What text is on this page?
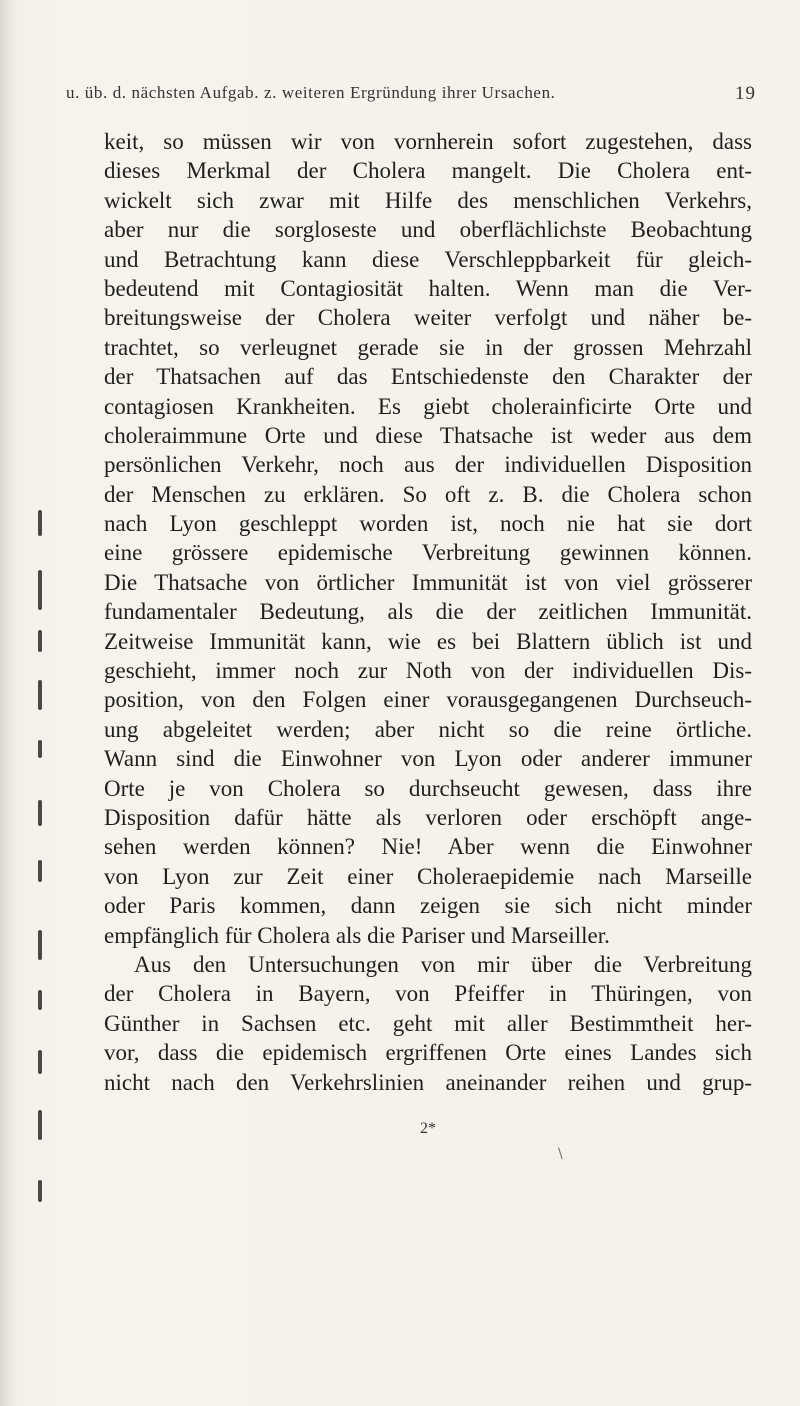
u. üb. d. nächsten Aufgab. z. weiteren Ergründung ihrer Ursachen.	19
keit, so müssen wir von vornherein sofort zugestehen, dass
dieses Merkmal der Cholera mangelt. Die Cholera ent-
wickelt sich zwar mit Hilfe des menschlichen Verkehrs,
aber nur die sorgloseste und oberflächlichste Beobachtung
und Betrachtung kann diese Verschleppbarkeit für gleich-
bedeutend mit Contagiosität halten. Wenn man die Ver-
breitungsweise der Cholera weiter verfolgt und näher be-
trachtet, so verleugnet gerade sie in der grossen Mehrzahl
der Thatsachen auf das Entschiedenste den Charakter der
contagiosen Krankheiten. Es giebt cholerainficirte Orte und
choleraimmune Orte und diese Thatsache ist weder aus dem
persönlichen Verkehr, noch aus der individuellen Disposition
der Menschen zu erklären. So oft z. B. die Cholera schon
nach Lyon geschleppt worden ist, noch nie hat sie dort
eine grössere epidemische Verbreitung gewinnen können.
Die Thatsache von örtlicher Immunität ist von viel grösserer
fundamentaler Bedeutung, als die der zeitlichen Immunität.
Zeitweise Immunität kann, wie es bei Blattern üblich ist und
geschieht, immer noch zur Noth von der individuellen Dis-
position, von den Folgen einer vorausgegangenen Durchseuch-
ung abgeleitet werden; aber nicht so die reine örtliche.
Wann sind die Einwohner von Lyon oder anderer immuner
Orte je von Cholera so durchseucht gewesen, dass ihre
Disposition dafür hätte als verloren oder erschöpft ange-
sehen werden können? Nie! Aber wenn die Einwohner
von Lyon zur Zeit einer Choleraepidemie nach Marseille
oder Paris kommen, dann zeigen sie sich nicht minder
empfänglich für Cholera als die Pariser und Marseiller.
Aus den Untersuchungen von mir über die Verbreitung
der Cholera in Bayern, von Pfeiffer in Thüringen, von
Günther in Sachsen etc. geht mit aller Bestimmtheit her-
vor, dass die epidemisch ergriffenen Orte eines Landes sich
nicht nach den Verkehrslinien aneinander reihen und grup-
2*
\
